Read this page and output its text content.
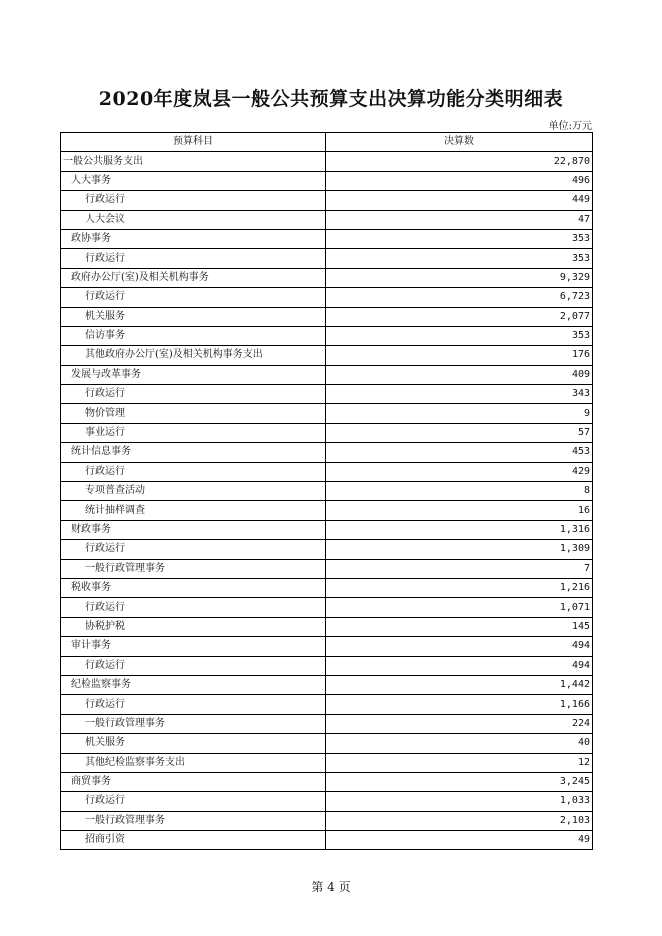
2020年度岚县一般公共预算支出决算功能分类明细表
单位:万元
预算科目	决算数
一般公共服务支出	22,870
人大事务	496
行政运行	449
人大会议	47
政协事务	353
行政运行	353
政府办公厅(室)及相关机构事务	9,329
行政运行	6,723
机关服务	2,077
信访事务	353
其他政府办公厅(室)及相关机构事务支出	176
发展与改革事务	409
行政运行	343
物价管理	9
事业运行	57
统计信息事务	453
行政运行	429
专项普查活动	8
统计抽样调查	16
财政事务	1,316
行政运行	1,309
一般行政管理事务	7
税收事务	1,216
行政运行	1,071
协税护税	145
审计事务	494
行政运行	494
纪检监察事务	1,442
行政运行	1,166
一般行政管理事务	224
机关服务	40
其他纪检监察事务支出	12
商贸事务	3,245
行政运行	1,033
一般行政管理事务	2,103
招商引资	49
第 4 页
